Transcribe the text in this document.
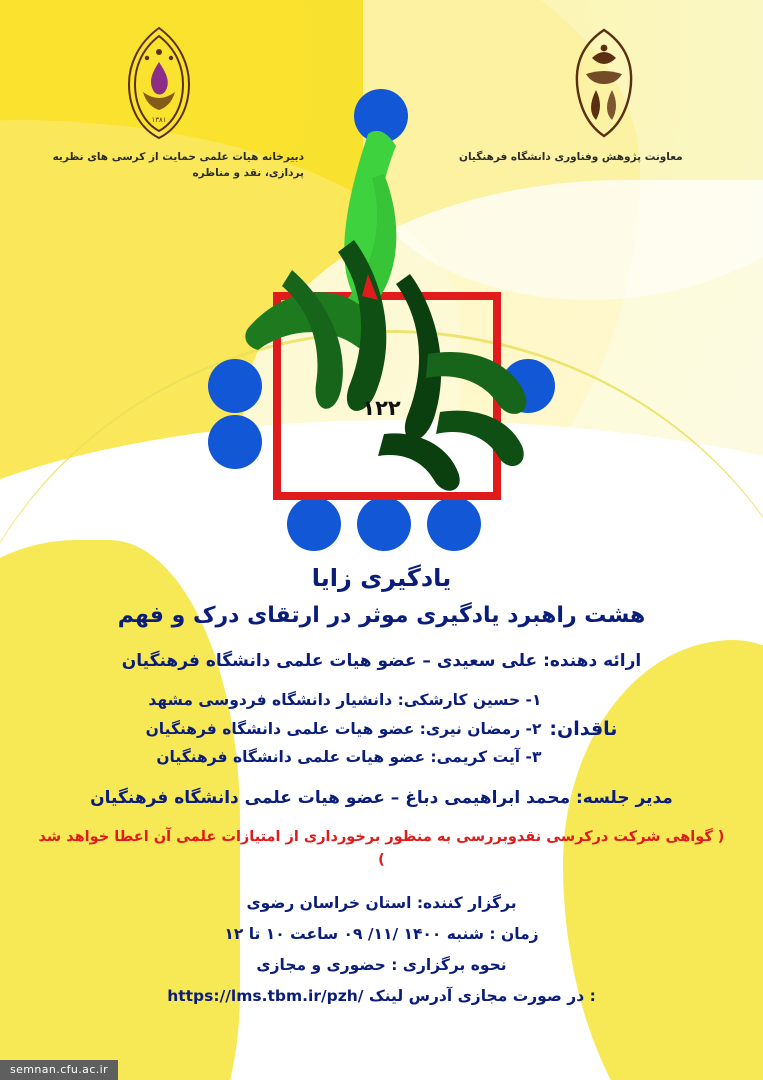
۱۳۸۱
دبیرخانه هیات علمی حمایت از کرسی های نظریه پردازی، نقد و مناظره
معاونت پژوهش وفناوری دانشگاه فرهنگیان
۱۲۲
یادگیری زایا
هشت راهبرد یادگیری موثر در ارتقای درک و فهم
ارائه دهنده: علی سعیدی – عضو هیات علمی دانشگاه فرهنگیان
ناقدان:
۱- حسین کارشکی: دانشیار دانشگاه فردوسی مشهد
۲- رمضان نیری: عضو هیات علمی دانشگاه فرهنگیان
۳- آیت کریمی: عضو هیات علمی دانشگاه فرهنگیان
مدیر جلسه: محمد ابراهیمی دباغ – عضو هیات علمی دانشگاه فرهنگیان
( گواهی شرکت درکرسی نقدوبررسی به منظور برخورداری از امتیازات علمی آن اعطا خواهد شد )
برگزار کننده: استان خراسان رضوی
زمان : شنبه ۱۴۰۰ /۱۱/ ۰۹ ساعت ۱۰ تا ۱۲
نحوه برگزاری : حضوری و مجازی
https://lms.tbm.ir/pzh/ در صورت مجازی آدرس لینک :
semnan.cfu.ac.ir
